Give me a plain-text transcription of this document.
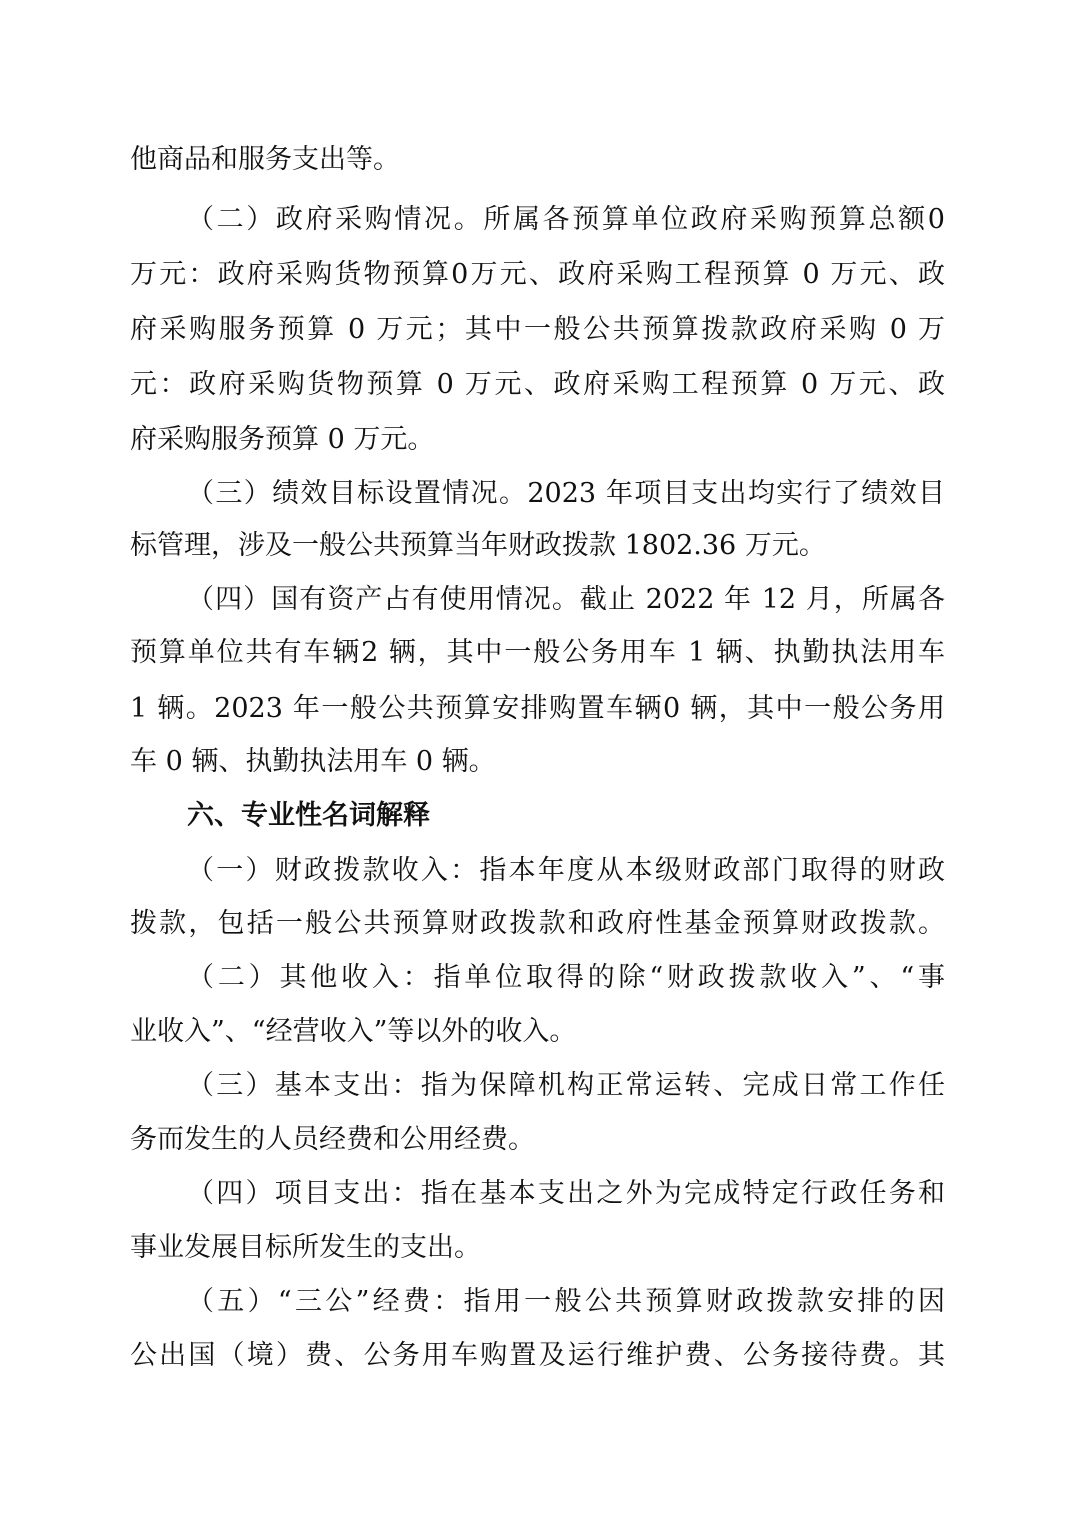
他商品和服务支出等。
（二）政府采购情况。所属各预算单位政府采购预算总额0
万元：政府采购货物预算0万元、政府采购工程预算 0 万元、政
府采购服务预算 0 万元；其中一般公共预算拨款政府采购 0 万
元：政府采购货物预算 0 万元、政府采购工程预算 0 万元、政
府采购服务预算 0 万元。
（三）绩效目标设置情况。2023 年项目支出均实行了绩效目
标管理，涉及一般公共预算当年财政拨款 1802.36 万元。
（四）国有资产占有使用情况。截止 2022 年 12 月，所属各
预算单位共有车辆2 辆，其中一般公务用车 1 辆、执勤执法用车
1 辆。2023 年一般公共预算安排购置车辆0 辆，其中一般公务用
车 0 辆、执勤执法用车 0 辆。
六、专业性名词解释
（一）财政拨款收入：指本年度从本级财政部门取得的财政
拨款，包括一般公共预算财政拨款和政府性基金预算财政拨款。
（二）其他收入：指单位取得的除“财政拨款收入”、“事
业收入”、“经营收入”等以外的收入。
（三）基本支出：指为保障机构正常运转、完成日常工作任
务而发生的人员经费和公用经费。
（四）项目支出：指在基本支出之外为完成特定行政任务和
事业发展目标所发生的支出。
（五）“三公”经费：指用一般公共预算财政拨款安排的因
公出国（境）费、公务用车购置及运行维护费、公务接待费。其
